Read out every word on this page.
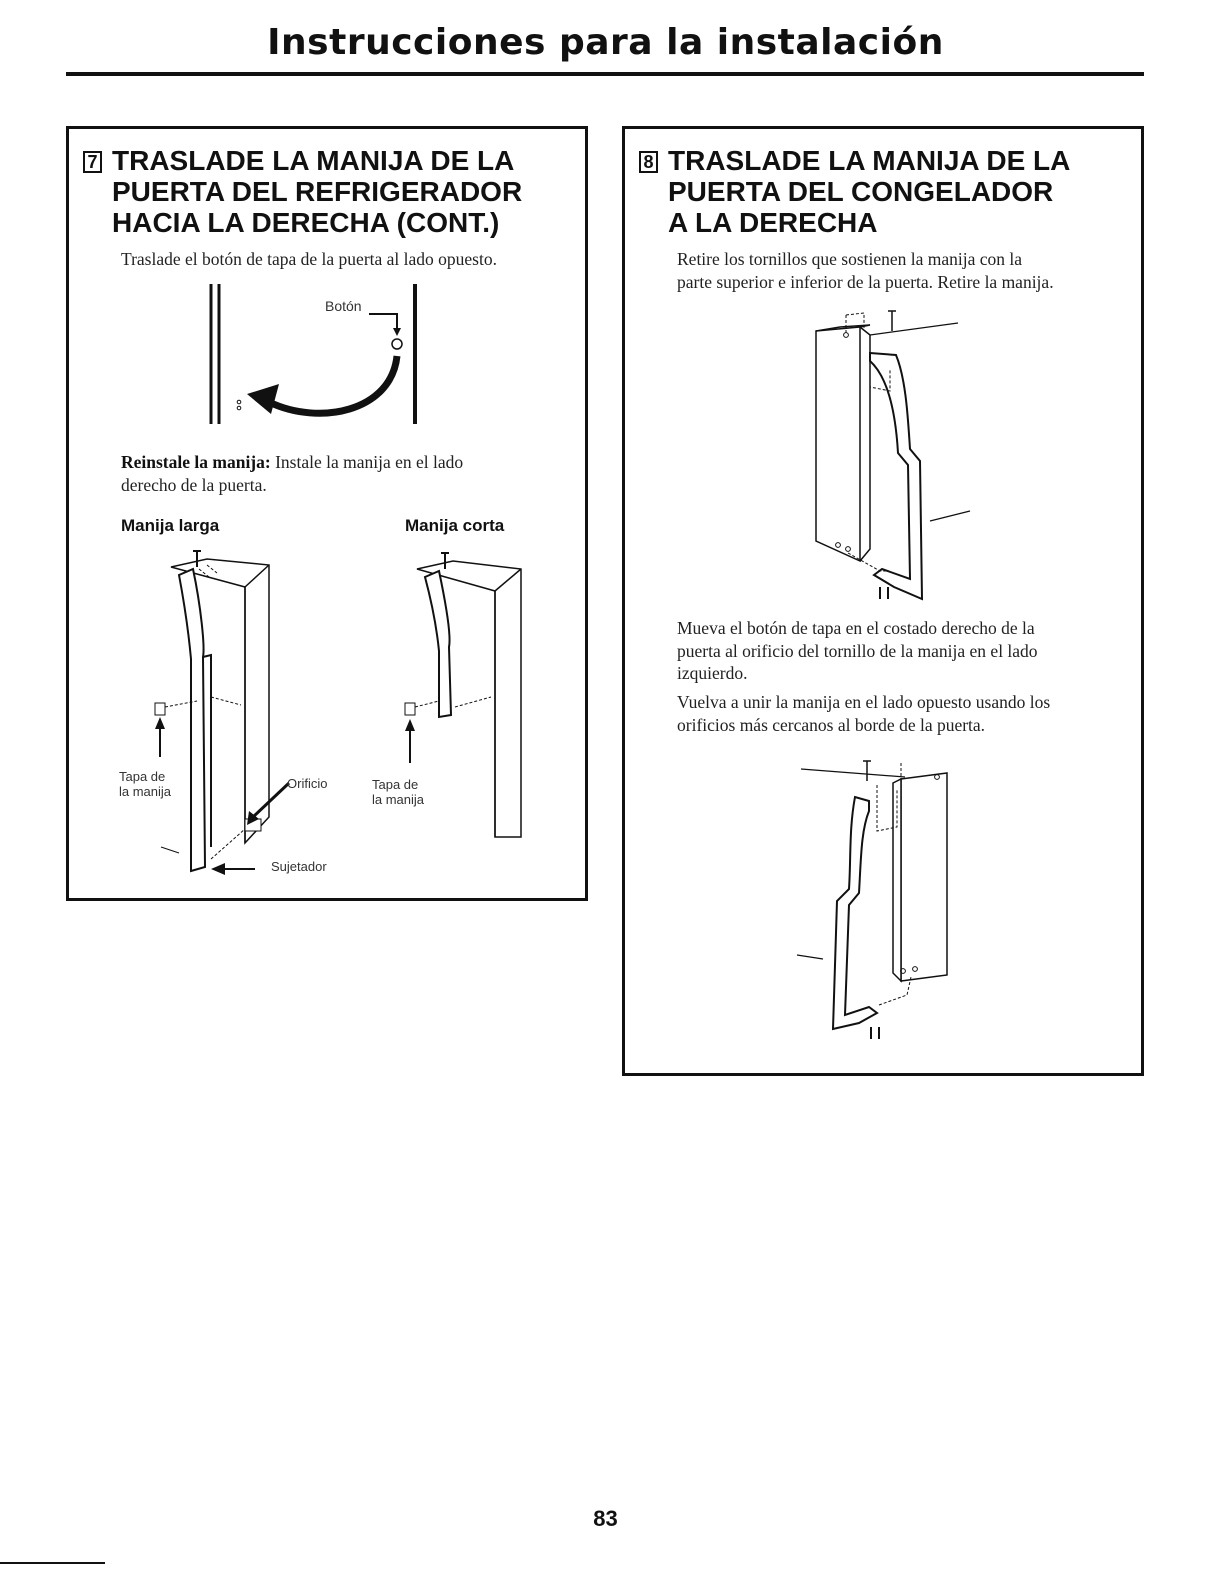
Instrucciones para la instalación
7 TRASLADE LA MANIJA DE LA
PUERTA DEL REFRIGERADOR
HACIA LA DERECHA (CONT.)
Traslade el botón de tapa de la puerta al lado opuesto.
Botón
Reinstale la manija: Instale la manija en el lado
derecho de la puerta.
Manija larga	Manija corta
Tapa de
la manija
Orificio
Sujetador
Tapa de
la manija
8 TRASLADE LA MANIJA DE LA
PUERTA DEL CONGELADOR
A LA DERECHA
Retire los tornillos que sostienen la manija con la
parte superior e inferior de la puerta. Retire la manija.
Mueva el botón de tapa en el costado derecho de la
puerta al orificio del tornillo de la manija en el lado
izquierdo.
Vuelva a unir la manija en el lado opuesto usando los
orificios más cercanos al borde de la puerta.
83
